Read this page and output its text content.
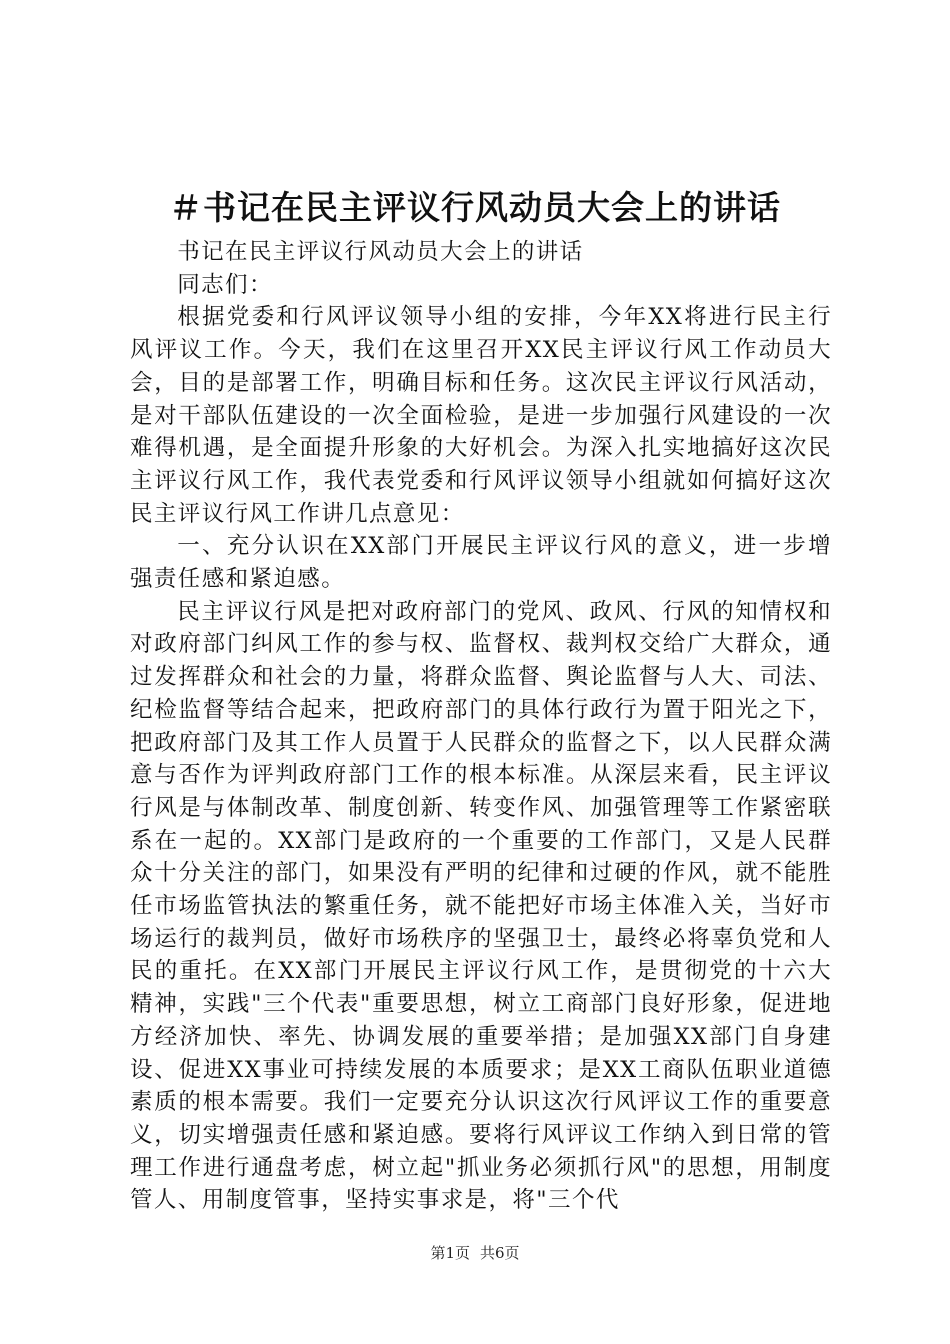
＃书记在民主评议行风动员大会上的讲话

书记在民主评议行风动员大会上的讲话

同志们：

根据党委和行风评议领导小组的安排，今年XX将进行民主行风评议工作。今天，我们在这里召开XX民主评议行风工作动员大会，目的是部署工作，明确目标和任务。这次民主评议行风活动，是对干部队伍建设的一次全面检验，是进一步加强行风建设的一次难得机遇，是全面提升形象的大好机会。为深入扎实地搞好这次民主评议行风工作，我代表党委和行风评议领导小组就如何搞好这次民主评议行风工作讲几点意见：

一、充分认识在XX部门开展民主评议行风的意义，进一步增强责任感和紧迫感。

民主评议行风是把对政府部门的党风、政风、行风的知情权和对政府部门纠风工作的参与权、监督权、裁判权交给广大群众，通过发挥群众和社会的力量，将群众监督、舆论监督与人大、司法、纪检监督等结合起来，把政府部门的具体行政行为置于阳光之下，把政府部门及其工作人员置于人民群众的监督之下，以人民群众满意与否作为评判政府部门工作的根本标准。从深层来看，民主评议行风是与体制改革、制度创新、转变作风、加强管理等工作紧密联系在一起的。XX部门是政府的一个重要的工作部门，又是人民群众十分关注的部门，如果没有严明的纪律和过硬的作风，就不能胜任市场监管执法的繁重任务，就不能把好市场主体准入关，当好市场运行的裁判员，做好市场秩序的坚强卫士，最终必将辜负党和人民的重托。在XX部门开展民主评议行风工作，是贯彻党的十六大精神，实践"三个代表"重要思想，树立工商部门良好形象，促进地方经济加快、率先、协调发展的重要举措；是加强XX部门自身建设、促进XX事业可持续发展的本质要求；是XX工商队伍职业道德素质的根本需要。我们一定要充分认识这次行风评议工作的重要意义，切实增强责任感和紧迫感。要将行风评议工作纳入到日常的管理工作进行通盘考虑，树立起"抓业务必须抓行风"的思想，用制度管人、用制度管事，坚持实事求是，将"三个代

第1页 共6页
